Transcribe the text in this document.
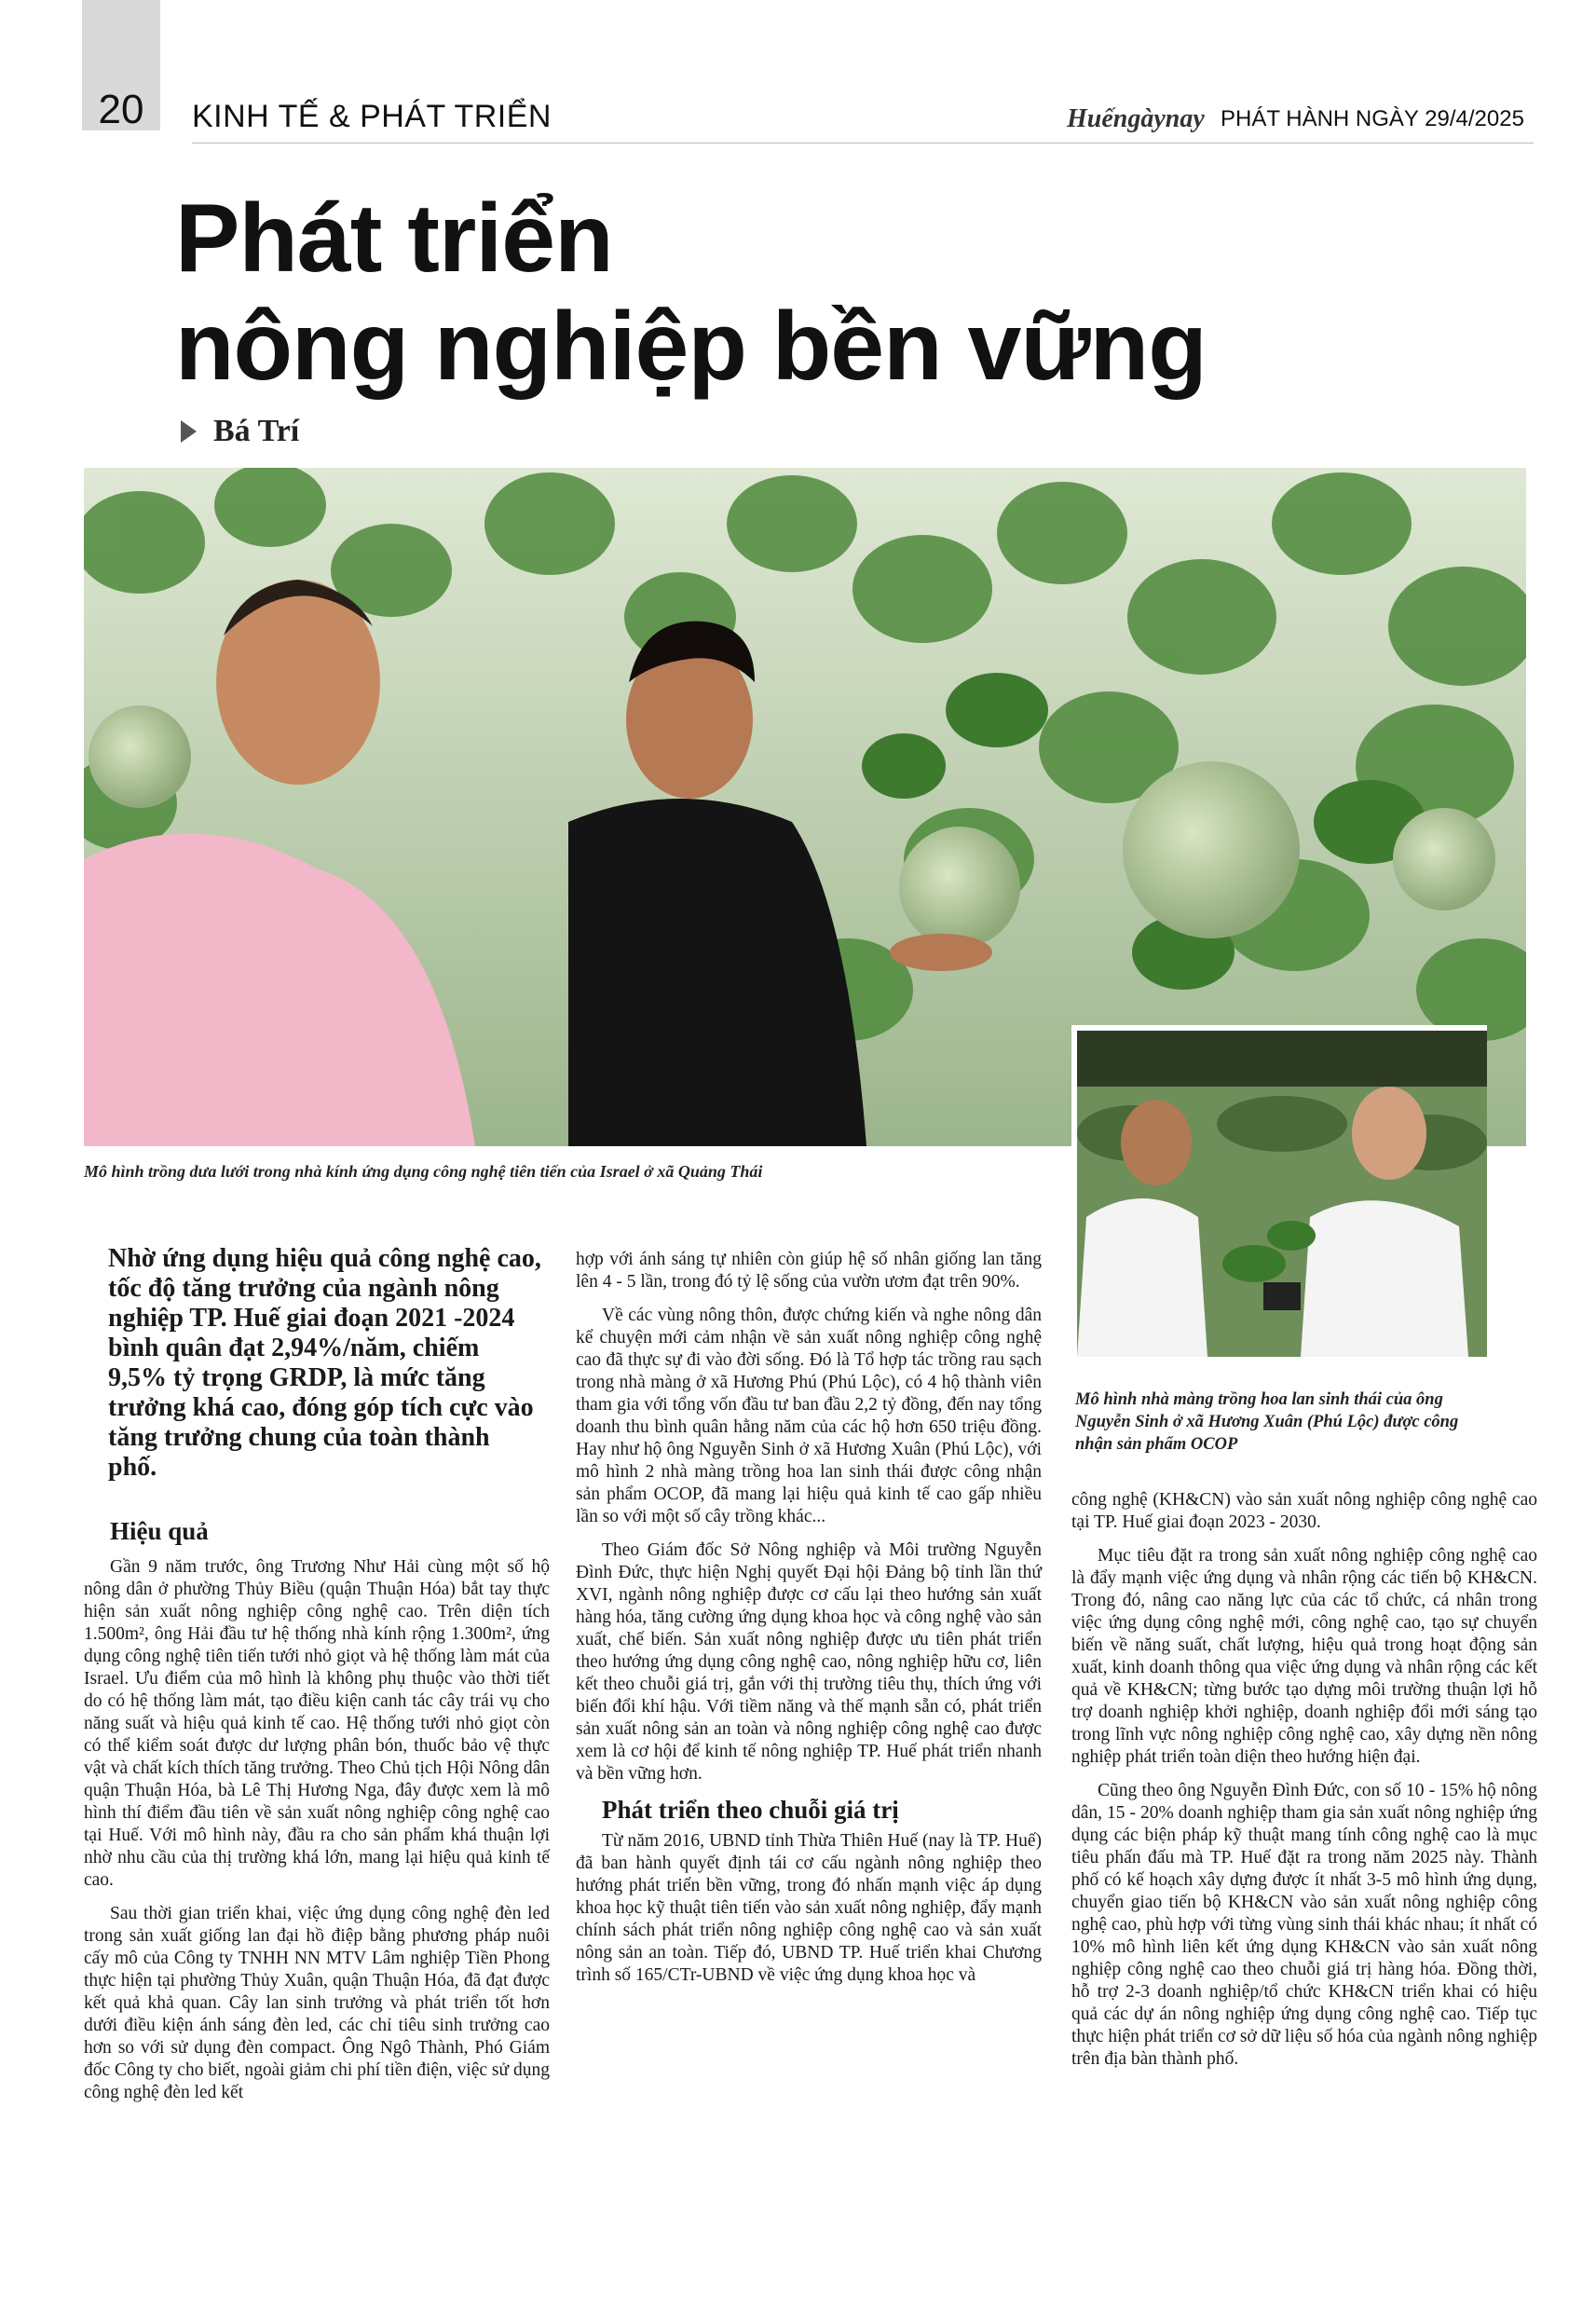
20	KINH TẾ & PHÁT TRIỂN	Huếngàynay PHÁT HÀNH NGÀY 29/4/2025
Phát triển
nông nghiệp bền vững
Bá Trí
Mô hình trồng dưa lưới trong nhà kính ứng dụng công nghệ tiên tiến của Israel ở xã Quảng Thái
Mô hình nhà màng trồng hoa lan sinh thái của ông Nguyễn Sinh ở xã Hương Xuân (Phú Lộc) được công nhận sản phẩm OCOP
Nhờ ứng dụng hiệu quả công nghệ cao, tốc độ tăng trưởng của ngành nông nghiệp TP. Huế giai đoạn 2021 -2024 bình quân đạt 2,94%/năm, chiếm 9,5% tỷ trọng GRDP, là mức tăng trưởng khá cao, đóng góp tích cực vào tăng trưởng chung của toàn thành phố.
Hiệu quả

Gần 9 năm trước, ông Trương Như Hải cùng một số hộ nông dân ở phường Thủy Biều (quận Thuận Hóa) bắt tay thực hiện sản xuất nông nghiệp công nghệ cao. Trên diện tích 1.500m², ông Hải đầu tư hệ thống nhà kính rộng 1.300m², ứng dụng công nghệ tiên tiến tưới nhỏ giọt và hệ thống làm mát của Israel. Ưu điểm của mô hình là không phụ thuộc vào thời tiết do có hệ thống làm mát, tạo điều kiện canh tác cây trái vụ cho năng suất và hiệu quả kinh tế cao. Hệ thống tưới nhỏ giọt còn có thể kiểm soát được dư lượng phân bón, thuốc bảo vệ thực vật và chất kích thích tăng trưởng. Theo Chủ tịch Hội Nông dân quận Thuận Hóa, bà Lê Thị Hương Nga, đây được xem là mô hình thí điểm đầu tiên về sản xuất nông nghiệp công nghệ cao tại Huế. Với mô hình này, đầu ra cho sản phẩm khá thuận lợi nhờ nhu cầu của thị trường khá lớn, mang lại hiệu quả kinh tế cao.

Sau thời gian triển khai, việc ứng dụng công nghệ đèn led trong sản xuất giống lan đại hồ điệp bằng phương pháp nuôi cấy mô của Công ty TNHH NN MTV Lâm nghiệp Tiền Phong thực hiện tại phường Thủy Xuân, quận Thuận Hóa, đã đạt được kết quả khả quan. Cây lan sinh trưởng và phát triển tốt hơn dưới điều kiện ánh sáng đèn led, các chỉ tiêu sinh trưởng cao hơn so với sử dụng đèn compact. Ông Ngô Thành, Phó Giám đốc Công ty cho biết, ngoài giảm chi phí tiền điện, việc sử dụng công nghệ đèn led kết

hợp với ánh sáng tự nhiên còn giúp hệ số nhân giống lan tăng lên 4 - 5 lần, trong đó tỷ lệ sống của vườn ươm đạt trên 90%.

Về các vùng nông thôn, được chứng kiến và nghe nông dân kể chuyện mới cảm nhận về sản xuất nông nghiệp công nghệ cao đã thực sự đi vào đời sống. Đó là Tổ hợp tác trồng rau sạch trong nhà màng ở xã Hương Phú (Phú Lộc), có 4 hộ thành viên tham gia với tổng vốn đầu tư ban đầu 2,2 tỷ đồng, đến nay tổng doanh thu bình quân hằng năm của các hộ hơn 650 triệu đồng. Hay như hộ ông Nguyễn Sinh ở xã Hương Xuân (Phú Lộc), với mô hình 2 nhà màng trồng hoa lan sinh thái được công nhận sản phẩm OCOP, đã mang lại hiệu quả kinh tế cao gấp nhiều lần so với một số cây trồng khác...

Theo Giám đốc Sở Nông nghiệp và Môi trường Nguyễn Đình Đức, thực hiện Nghị quyết Đại hội Đảng bộ tỉnh lần thứ XVI, ngành nông nghiệp được cơ cấu lại theo hướng sản xuất hàng hóa, tăng cường ứng dụng khoa học và công nghệ vào sản xuất, chế biến. Sản xuất nông nghiệp được ưu tiên phát triển theo hướng ứng dụng công nghệ cao, nông nghiệp hữu cơ, liên kết theo chuỗi giá trị, gắn với thị trường tiêu thụ, thích ứng với biến đổi khí hậu. Với tiềm năng và thế mạnh sẵn có, phát triển sản xuất nông sản an toàn và nông nghiệp công nghệ cao được xem là cơ hội để kinh tế nông nghiệp TP. Huế phát triển nhanh và bền vững hơn.

Phát triển theo chuỗi giá trị

Từ năm 2016, UBND tỉnh Thừa Thiên Huế (nay là TP. Huế) đã ban hành quyết định tái cơ cấu ngành nông nghiệp theo hướng phát triển bền vững, trong đó nhấn mạnh việc áp dụng khoa học kỹ thuật tiên tiến vào sản xuất nông nghiệp, đẩy mạnh chính sách phát triển nông nghiệp công nghệ cao và sản xuất nông sản an toàn. Tiếp đó, UBND TP. Huế triển khai Chương trình số 165/CTr-UBND về việc ứng dụng khoa học và

công nghệ (KH&CN) vào sản xuất nông nghiệp công nghệ cao tại TP. Huế giai đoạn 2023 - 2030.

Mục tiêu đặt ra trong sản xuất nông nghiệp công nghệ cao là đẩy mạnh việc ứng dụng và nhân rộng các tiến bộ KH&CN. Trong đó, nâng cao năng lực của các tổ chức, cá nhân trong việc ứng dụng công nghệ mới, công nghệ cao, tạo sự chuyển biến về năng suất, chất lượng, hiệu quả trong hoạt động sản xuất, kinh doanh thông qua việc ứng dụng và nhân rộng các kết quả về KH&CN; từng bước tạo dựng môi trường thuận lợi hỗ trợ doanh nghiệp khởi nghiệp, doanh nghiệp đổi mới sáng tạo trong lĩnh vực nông nghiệp công nghệ cao, xây dựng nền nông nghiệp phát triển toàn diện theo hướng hiện đại.

Cũng theo ông Nguyễn Đình Đức, con số 10 - 15% hộ nông dân, 15 - 20% doanh nghiệp tham gia sản xuất nông nghiệp ứng dụng các biện pháp kỹ thuật mang tính công nghệ cao là mục tiêu phấn đấu mà TP. Huế đặt ra trong năm 2025 này. Thành phố có kế hoạch xây dựng được ít nhất 3-5 mô hình ứng dụng, chuyển giao tiến bộ KH&CN vào sản xuất nông nghiệp công nghệ cao, phù hợp với từng vùng sinh thái khác nhau; ít nhất có 10% mô hình liên kết ứng dụng KH&CN vào sản xuất nông nghiệp công nghệ cao theo chuỗi giá trị hàng hóa. Đồng thời, hỗ trợ 2-3 doanh nghiệp/tổ chức KH&CN triển khai có hiệu quả các dự án nông nghiệp ứng dụng công nghệ cao. Tiếp tục thực hiện phát triển cơ sở dữ liệu số hóa của ngành nông nghiệp trên địa bàn thành phố.
